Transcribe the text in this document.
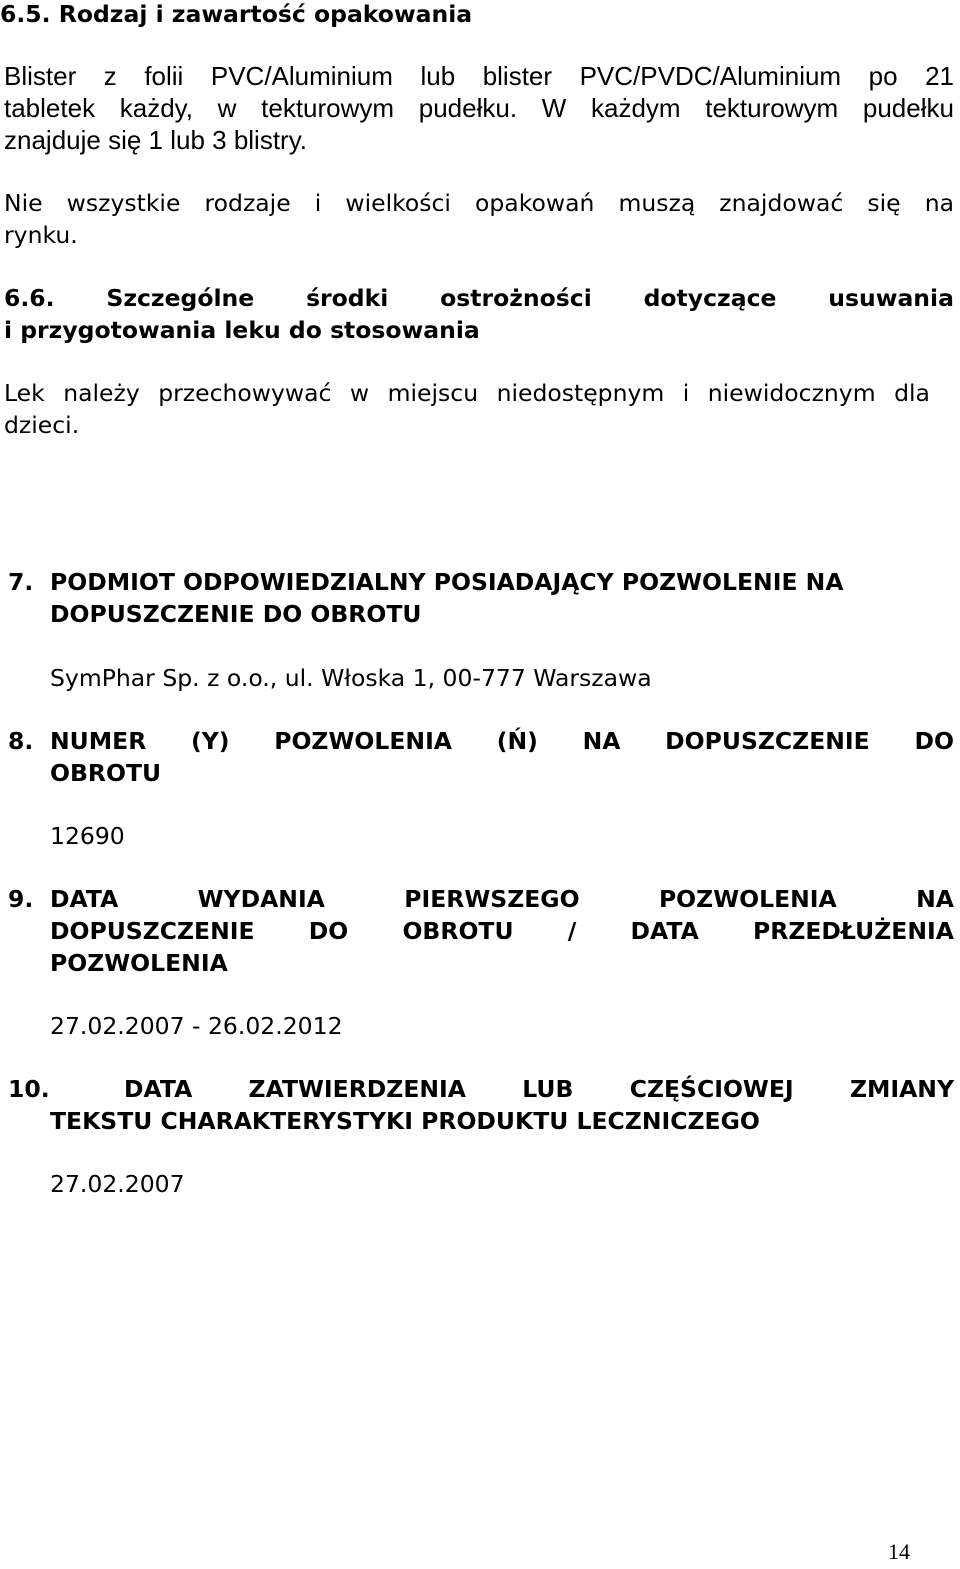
6.5. Rodzaj i zawartość opakowania
Blister z folii PVC/Aluminium lub blister PVC/PVDC/Aluminium po 21
tabletek każdy, w tekturowym pudełku. W każdym tekturowym pudełku
znajduje się 1 lub 3 blistry.
Nie wszystkie rodzaje i wielkości opakowań muszą znajdować się na
rynku.
6.6. Szczególne środki ostrożności dotyczące usuwania
i przygotowania leku do stosowania
Lek należy przechowywać w miejscu niedostępnym i niewidocznym dla
dzieci.
7. PODMIOT ODPOWIEDZIALNY POSIADAJĄCY POZWOLENIE NA
DOPUSZCZENIE DO OBROTU
SymPhar Sp. z o.o., ul. Włoska 1, 00-777 Warszawa
8. NUMER (Y) POZWOLENIA (Ń) NA DOPUSZCZENIE DO
OBROTU
12690
9. DATA	WYDANIA	PIERWSZEGO	POZWOLENIA	NA
DOPUSZCZENIE DO OBROTU / DATA PRZEDŁUŻENIA
POZWOLENIA
27.02.2007 - 26.02.2012
10.	DATA ZATWIERDZENIA LUB CZĘŚCIOWEJ ZMIANY
TEKSTU CHARAKTERYSTYKI PRODUKTU LECZNICZEGO
27.02.2007
14
